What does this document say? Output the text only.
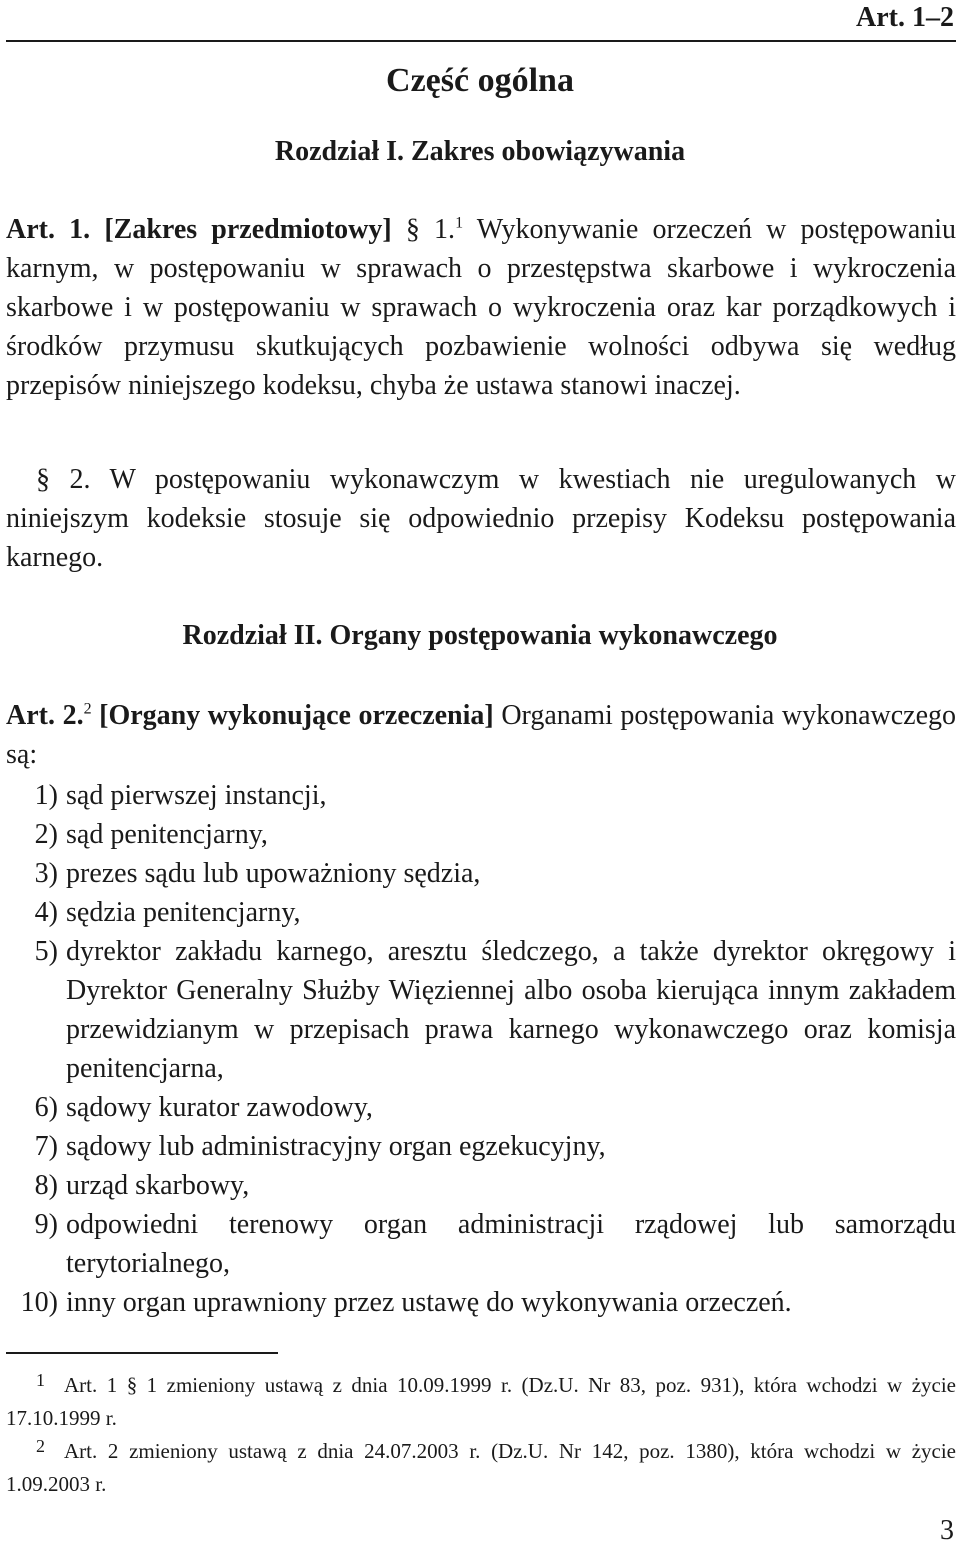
Art. 1–2
Część ogólna
Rozdział I. Zakres obowiązywania
Art. 1. [Zakres przedmiotowy] § 1.$^1$ Wykonywanie orzeczeń w postępowaniu karnym, w postępowaniu w sprawach o przestępstwa skarbowe i wykroczenia skarbowe i w postępowaniu w sprawach o wykroczenia oraz kar porządkowych i środków przymusu skutkujących pozbawienie wolności odbywa się według przepisów niniejszego kodeksu, chyba że ustawa stanowi inaczej.
§ 2. W postępowaniu wykonawczym w kwestiach nie uregulowanych w niniejszym kodeksie stosuje się odpowiednio przepisy Kodeksu postępowania karnego.
Rozdział II. Organy postępowania wykonawczego
Art. 2.$^2$ [Organy wykonujące orzeczenia] Organami postępowania wykonawczego są:
1) sąd pierwszej instancji,
2) sąd penitencjarny,
3) prezes sądu lub upoważniony sędzia,
4) sędzia penitencjarny,
5) dyrektor zakładu karnego, aresztu śledczego, a także dyrektor okręgowy i Dyrektor Generalny Służby Więziennej albo osoba kierująca innym zakładem przewidzianym w przepisach prawa karnego wykonawczego oraz komisja penitencjarna,
6) sądowy kurator zawodowy,
7) sądowy lub administracyjny organ egzekucyjny,
8) urząd skarbowy,
9) odpowiedni terenowy organ administracji rządowej lub samorządu terytorialnego,
10) inny organ uprawniony przez ustawę do wykonywania orzeczeń.
1 Art. 1 § 1 zmieniony ustawą z dnia 10.09.1999 r. (Dz.U. Nr 83, poz. 931), która wchodzi w życie 17.10.1999 r.
2 Art. 2 zmieniony ustawą z dnia 24.07.2003 r. (Dz.U. Nr 142, poz. 1380), która wchodzi w życie 1.09.2003 r.
3
